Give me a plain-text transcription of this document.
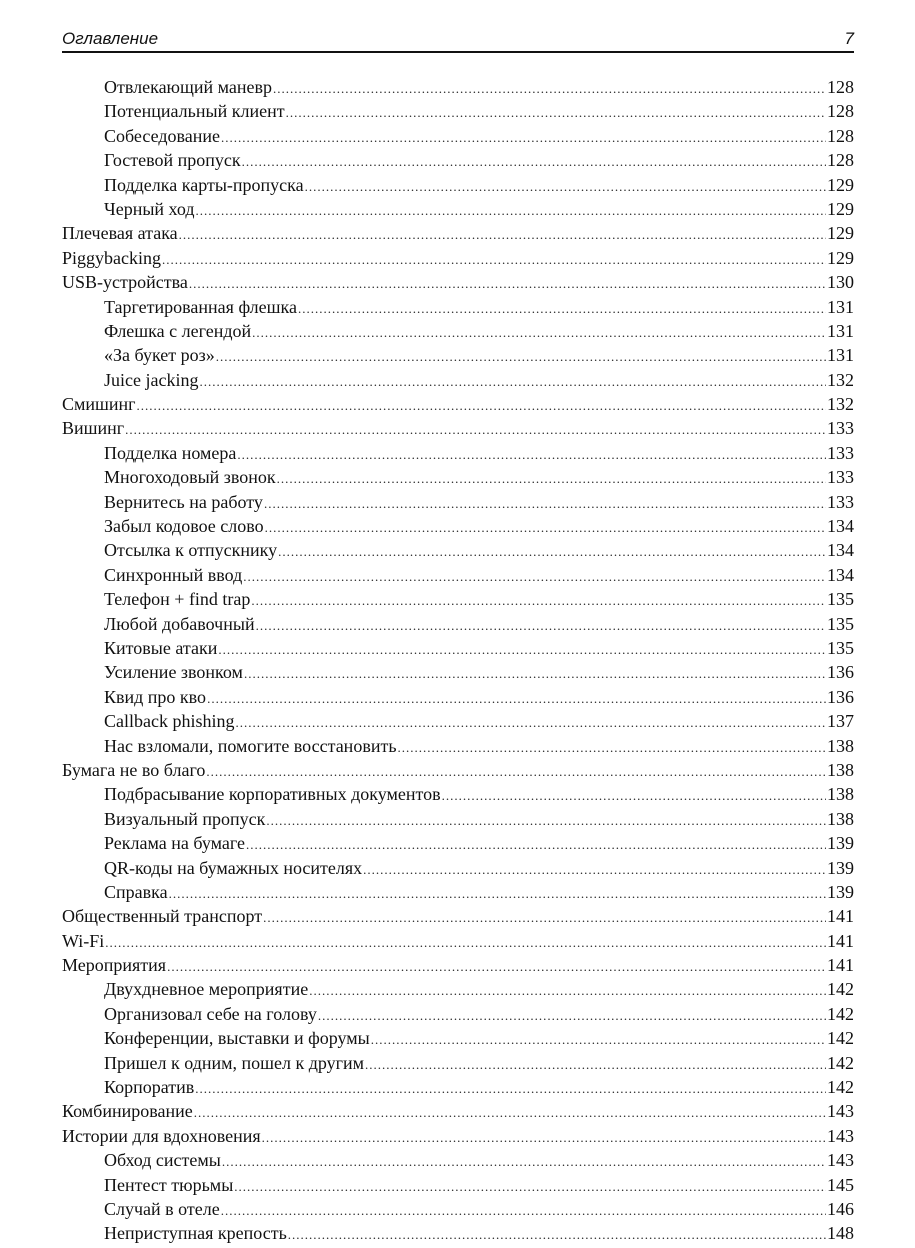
Оглавление	7
Отвлекающий маневр .....	128
Потенциальный клиент .....	128
Собеседование .....	128
Гостевой пропуск .....	128
Подделка карты-пропуска .....	129
Черный ход .....	129
Плечевая атака .....	129
Piggybacking .....	129
USB-устройства .....	130
Таргетированная флешка .....	131
Флешка с легендой .....	131
«За букет роз» .....	131
Juice jacking .....	132
Смишинг .....	132
Вишинг .....	133
Подделка номера .....	133
Многоходовый звонок .....	133
Вернитесь на работу .....	133
Забыл кодовое слово .....	134
Отсылка к отпускнику .....	134
Синхронный ввод .....	134
Телефон + find trap .....	135
Любой добавочный .....	135
Китовые атаки .....	135
Усиление звонком .....	136
Квид про кво .....	136
Callback phishing .....	137
Нас взломали, помогите восстановить .....	138
Бумага не во благо .....	138
Подбрасывание корпоративных документов .....	138
Визуальный пропуск .....	138
Реклама на бумаге .....	139
QR-коды на бумажных носителях .....	139
Справка .....	139
Общественный транспорт .....	141
Wi-Fi .....	141
Мероприятия .....	141
Двухдневное мероприятие .....	142
Организовал себе на голову .....	142
Конференции, выставки и форумы .....	142
Пришел к одним, пошел к другим .....	142
Корпоратив .....	142
Комбинирование .....	143
Истории для вдохновения .....	143
Обход системы .....	143
Пентест тюрьмы .....	145
Случай в отеле .....	146
Неприступная крепость .....	148
